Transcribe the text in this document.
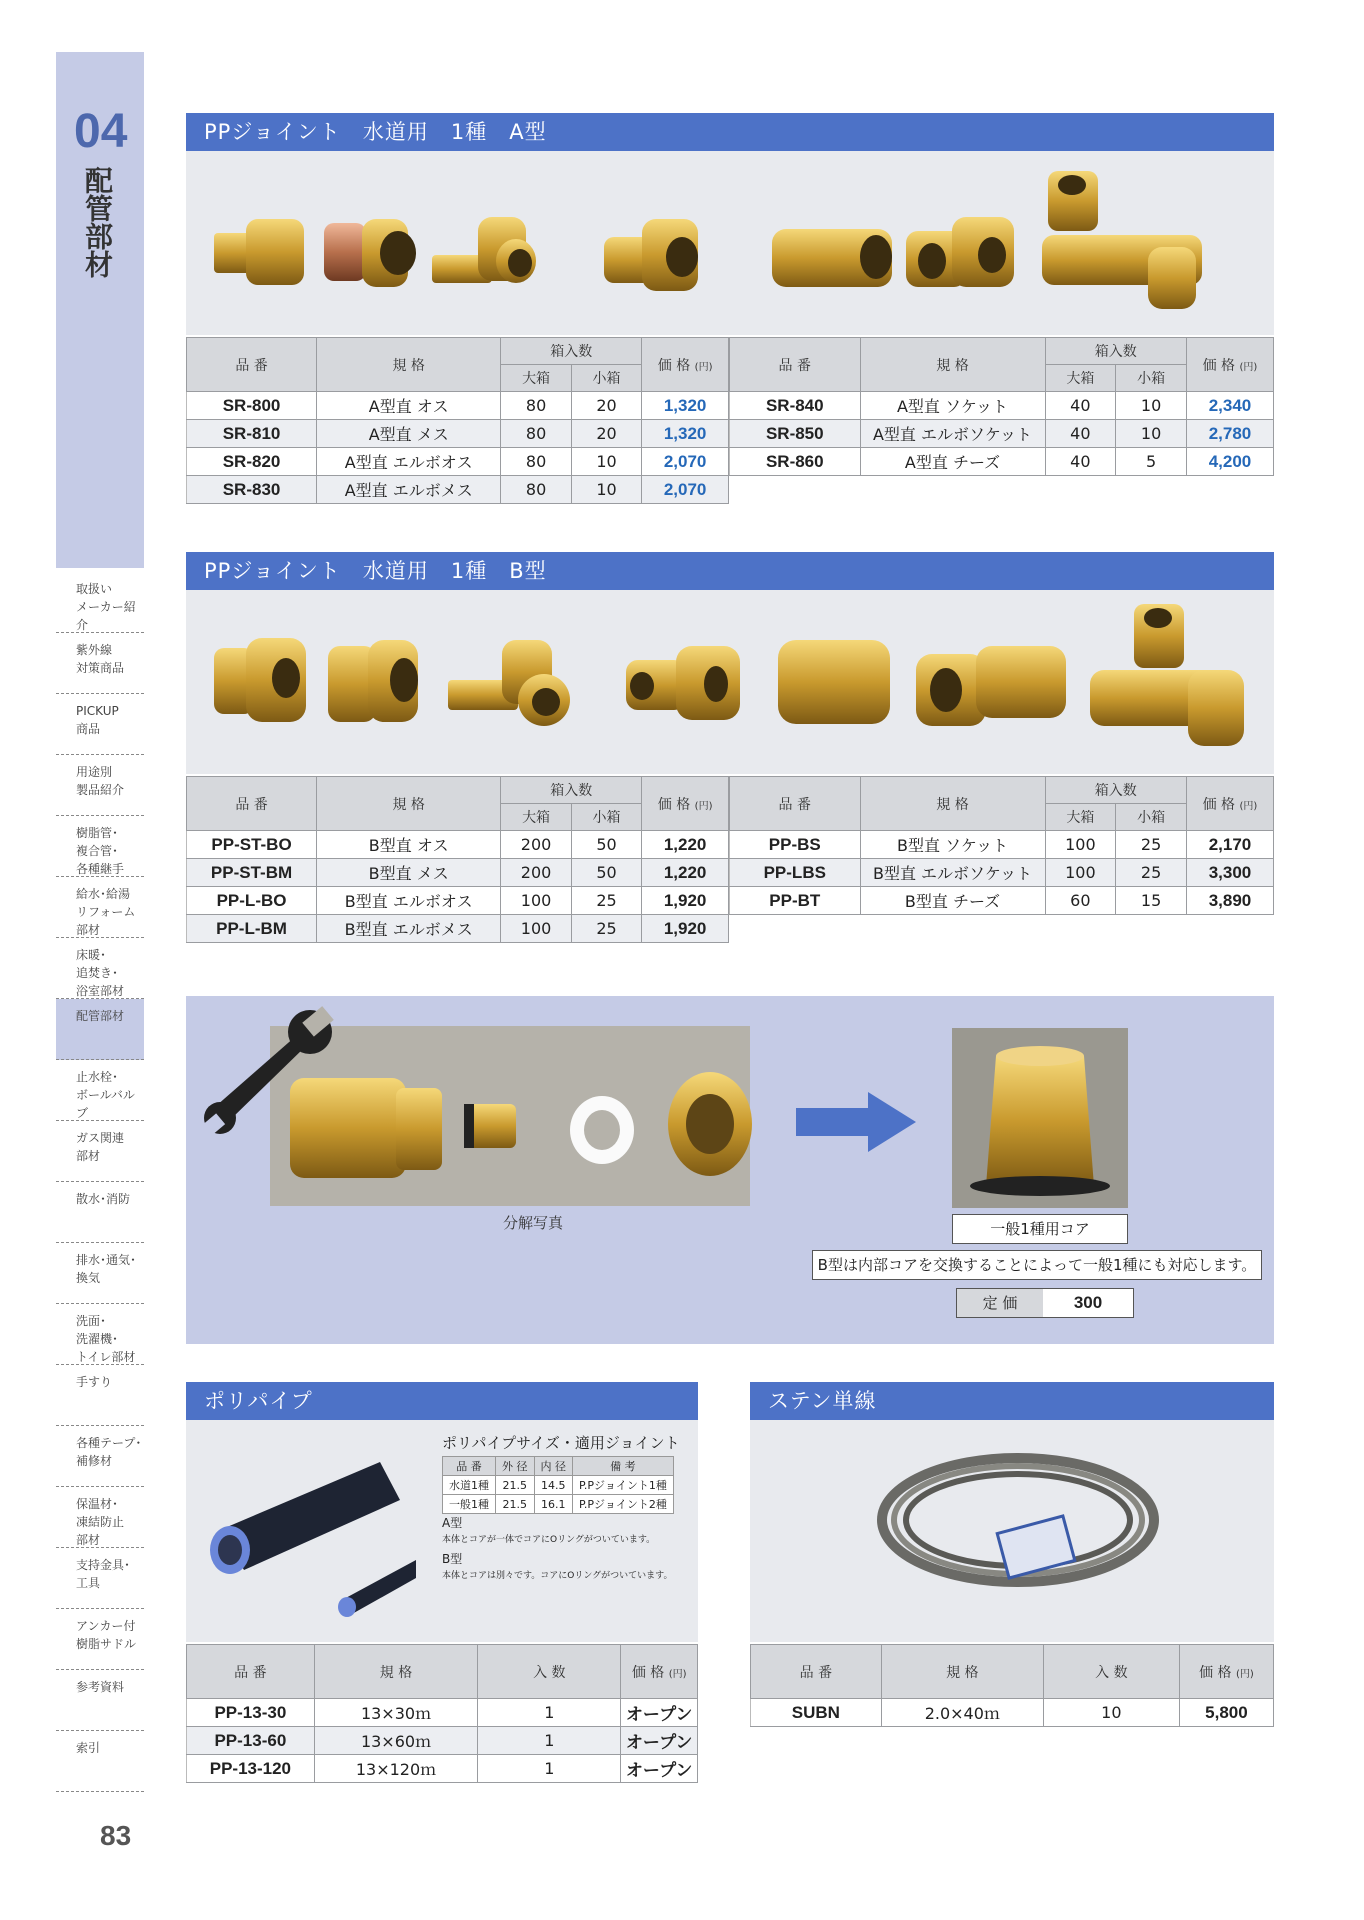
04
配管部材
取扱い
メーカー紹介
紫外線
対策商品
PICKUP
商品
用途別
製品紹介
樹脂管･
複合管･
各種継手
給水･給湯
リフォーム
部材
床暖･
追焚き･
浴室部材
配管部材
止水栓･
ボールバルブ
ガス関連
部材
散水･消防
排水･通気･
換気
洗面･
洗濯機･
トイレ部材
手すり
各種テープ･
補修材
保温材･
凍結防止
部材
支持金具･
工具
アンカー付
樹脂サドル
参考資料
索引
83
PPジョイント　水道用　1種　A型
品 番	規 格	箱入数		価 格 (円)
		大箱	小箱	
SR-800	A型直 オス	80	20	1,320
SR-810	A型直 メス	80	20	1,320
SR-820	A型直 エルボオス	80	10	2,070
SR-830	A型直 エルボメス	80	10	2,070
品 番	規 格	箱入数		価 格 (円)
		大箱	小箱	
SR-840	A型直 ソケット	40	10	2,340
SR-850	A型直 エルボソケット	40	10	2,780
SR-860	A型直 チーズ	40	5	4,200

PPジョイント　水道用　1種　B型
品 番	規 格	箱入数		価 格 (円)
		大箱	小箱	
PP-ST-BO	B型直 オス	200	50	1,220
PP-ST-BM	B型直 メス	200	50	1,220
PP-L-BO	B型直 エルボオス	100	25	1,920
PP-L-BM	B型直 エルボメス	100	25	1,920
品 番	規 格	箱入数		価 格 (円)
		大箱	小箱	
PP-BS	B型直 ソケット	100	25	2,170
PP-LBS	B型直 エルボソケット	100	25	3,300
PP-BT	B型直 チーズ	60	15	3,890

分解写真	一般1種用コア
B型は内部コアを交換することによって一般1種にも対応します。
定 価	300
ポリパイプ
ポリパイプサイズ・適用ジョイント
品 番	外 径	内 径	備 考
水道1種	21.5	14.5	P.Pジョイント1種
一般1種	21.5	16.1	P.Pジョイント2種
A型
本体とコアが一体でコアにOリングがついています。
B型
本体とコアは別々です。コアにOリングがついています。
品 番	規 格	入 数	価 格 (円)
PP-13-30	13×30ｍ	1	オープン
PP-13-60	13×60ｍ	1	オープン
PP-13-120	13×120ｍ	1	オープン
ステン単線
品 番	規 格	入 数	価 格 (円)
SUBN	2.0×40ｍ	10	5,800
